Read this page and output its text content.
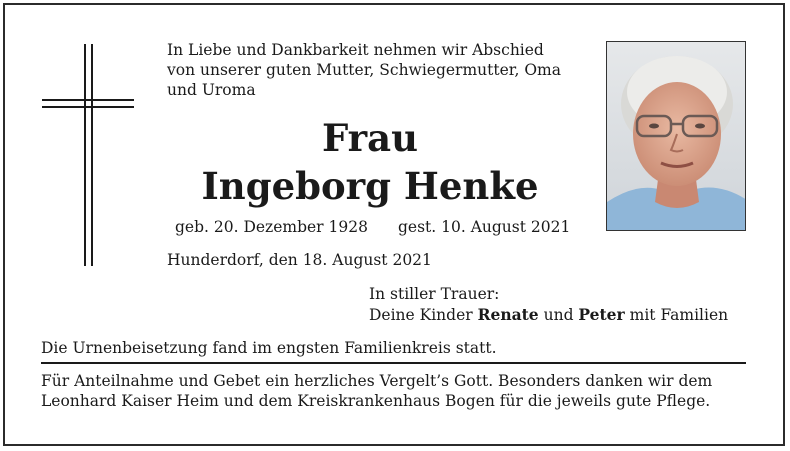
In Liebe und Dankbarkeit nehmen wir Abschied
von unserer guten Mutter, Schwiegermutter, Oma
und Uroma
Frau
Ingeborg Henke
geb. 20. Dezember 1928 gest. 10. August 2021
Hunderdorf, den 18. August 2021
In stiller Trauer:
Deine Kinder Renate und Peter mit Familien
Die Urnenbeisetzung fand im engsten Familienkreis statt.
Für Anteilnahme und Gebet ein herzliches Vergelt’s Gott. Besonders danken wir dem
Leonhard Kaiser Heim und dem Kreiskrankenhaus Bogen für die jeweils gute Pflege.
